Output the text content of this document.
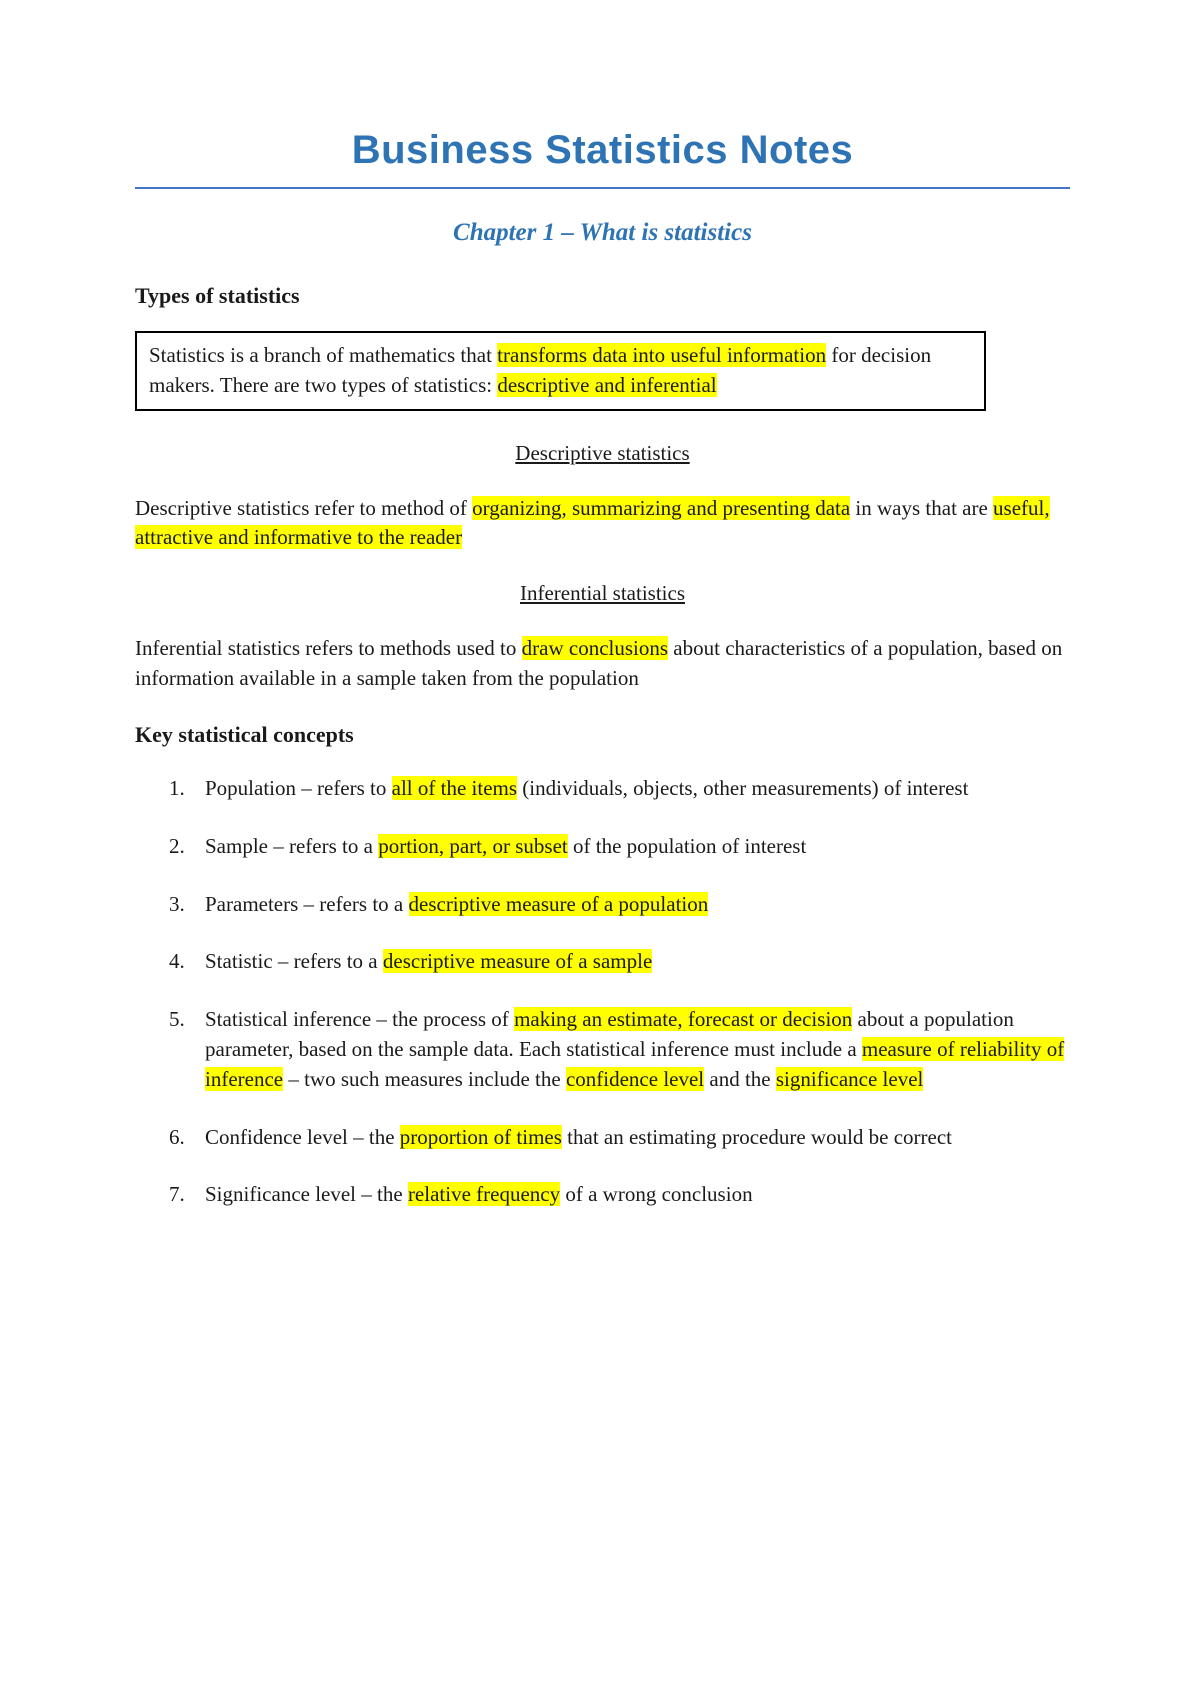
Business Statistics Notes
Chapter 1 – What is statistics
Types of statistics
Statistics is a branch of mathematics that transforms data into useful information for decision makers. There are two types of statistics: descriptive and inferential
Descriptive statistics

Descriptive statistics refer to method of organizing, summarizing and presenting data in ways that are useful, attractive and informative to the reader

Inferential statistics

Inferential statistics refers to methods used to draw conclusions about characteristics of a population, based on information available in a sample taken from the population

Key statistical concepts
1. Population – refers to all of the items (individuals, objects, other measurements) of interest
2. Sample – refers to a portion, part, or subset of the population of interest
3. Parameters – refers to a descriptive measure of a population
4. Statistic – refers to a descriptive measure of a sample
5. Statistical inference – the process of making an estimate, forecast or decision about a population parameter, based on the sample data. Each statistical inference must include a measure of reliability of inference – two such measures include the confidence level and the significance level
6. Confidence level – the proportion of times that an estimating procedure would be correct
7. Significance level – the relative frequency of a wrong conclusion
